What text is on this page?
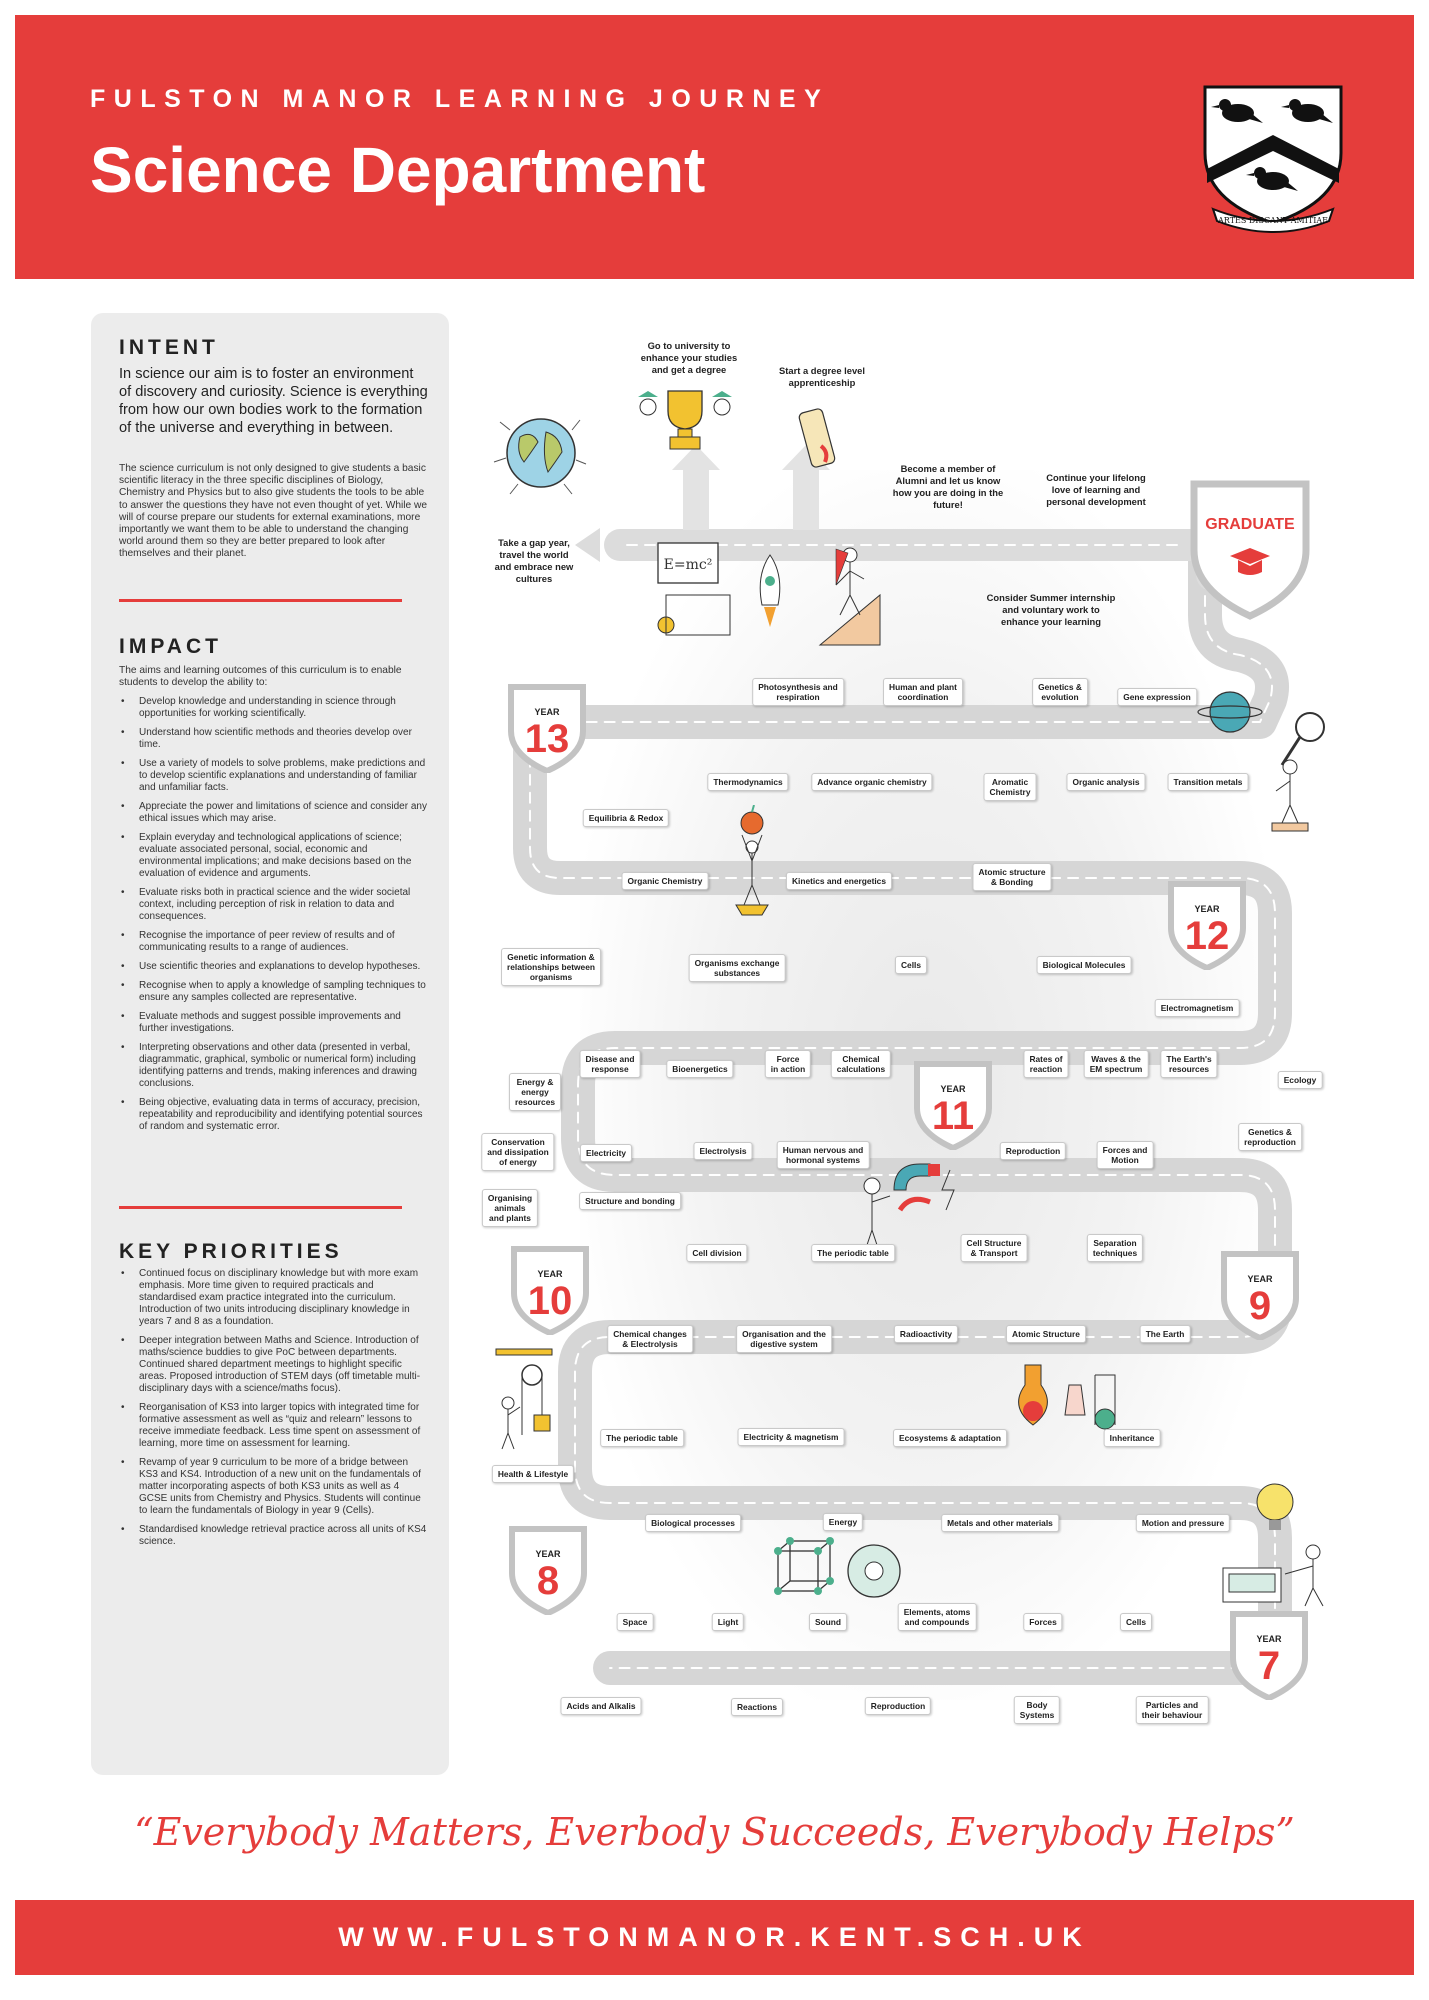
FULSTON MANOR LEARNING JOURNEY
Science Department
ARTES DISCANT AMITIAE
INTENT
In science our aim is to foster an environment of discovery and curiosity. Science is everything from how our own bodies work to the formation of the universe and everything in between.
The science curriculum is not only designed to give students a basic scientific literacy in the three specific disciplines of Biology, Chemistry and Physics but to also give students the tools to be able to answer the questions they have not even thought of yet. While we will of course prepare our students for external examinations, more importantly we want them to be able to understand the changing world around them so they are better prepared to look after themselves and their planet.
IMPACT
The aims and learning outcomes of this curriculum is to enable students to develop the ability to:
• Develop knowledge and understanding in science through opportunities for working scientifically.
• Understand how scientific methods and theories develop over time.
• Use a variety of models to solve problems, make predictions and to develop scientific explanations and understanding of familiar and unfamiliar facts.
• Appreciate the power and limitations of science and consider any ethical issues which may arise.
• Explain everyday and technological applications of science; evaluate associated personal, social, economic and environmental implications; and make decisions based on the evaluation of evidence and arguments.
• Evaluate risks both in practical science and the wider societal context, including perception of risk in relation to data and consequences.
• Recognise the importance of peer review of results and of communicating results to a range of audiences.
• Use scientific theories and explanations to develop hypotheses.
• Recognise when to apply a knowledge of sampling techniques to ensure any samples collected are representative.
• Evaluate methods and suggest possible improvements and further investigations.
• Interpreting observations and other data (presented in verbal, diagrammatic, graphical, symbolic or numerical form) including identifying patterns and trends, making inferences and drawing conclusions.
• Being objective, evaluating data in terms of accuracy, precision, repeatability and reproducibility and identifying potential sources of random and systematic error.
KEY PRIORITIES
• Continued focus on disciplinary knowledge but with more exam emphasis. More time given to required practicals and standardised exam practice integrated into the curriculum. Introduction of two units introducing disciplinary knowledge in years 7 and 8 as a foundation.
• Deeper integration between Maths and Science. Introduction of maths/science buddies to give PoC between departments. Continued shared department meetings to highlight specific areas. Proposed introduction of STEM days (off timetable multi-disciplinary days with a science/maths focus).
• Reorganisation of KS3 into larger topics with integrated time for formative assessment as well as “quiz and relearn” lessons to receive immediate feedback. Less time spent on assessment of learning, more time on assessment for learning.
• Revamp of year 9 curriculum to be more of a bridge between KS3 and KS4. Introduction of a new unit on the fundamentals of matter incorporating aspects of both KS3 units as well as 4 GCSE units from Chemistry and Physics. Students will continue to learn the fundamentals of Biology in year 9 (Cells).
• Standardised knowledge retrieval practice across all units of KS4 science.
GRADUATE
YEAR
13
YEAR
12
YEAR
11
YEAR
10	YEAR
9
YEAR
8
YEAR
7
Go to university to
enhance your studies
and get a degree	Start a degree level
apprenticeship
Become a member of
Alumni and let us know
how you are doing in the
future!
Continue your lifelong
love of learning and
personal development
Take a gap year,
travel the world
and embrace new
cultures
Consider Summer internship
and voluntary work to
enhance your learning
E=mc²
Photosynthesis and
respiration
Human and plant
coordination
Genetics &
evolution	Gene expression
Thermodynamics	Advance organic chemistry	Aromatic
Chemistry
Organic analysis	Transition metals
Equilibria & Redox
Organic Chemistry	Kinetics and energetics
Atomic structure
& Bonding
Genetic information &
relationships between
organisms
Organisms exchange
substances
Cells	Biological Molecules
Electromagnetism
Disease and
response	Bioenergetics
Force
in action
Chemical
calculations
Rates of
reaction
Waves & the
EM spectrum
The Earth's
resources
Energy &
energy
resources
Ecology
Conservation
and dissipation
of energy
Electricity	Electrolysis	Human nervous and
hormonal systems
Reproduction	Forces and
Motion
Genetics &
reproduction
Organising
animals
and plants
Structure and bonding
Cell division	The periodic table
Cell Structure
& Transport
Separation
techniques
Chemical changes
& Electrolysis
Organisation and the
digestive system
Radioactivity	Atomic Structure	The Earth
The periodic table	Electricity & magnetism	Ecosystems & adaptation	Inheritance
Health & Lifestyle
Biological processes	Energy	Metals and other materials	Motion and pressure
Space	Light	Sound
Elements, atoms
and compounds	Forces	Cells
Acids and Alkalis	Reactions	Reproduction	Body
Systems
Particles and
their behaviour
“Everybody Matters, Everbody Succeeds, Everybody Helps”
WWW.FULSTONMANOR.KENT.SCH.UK
